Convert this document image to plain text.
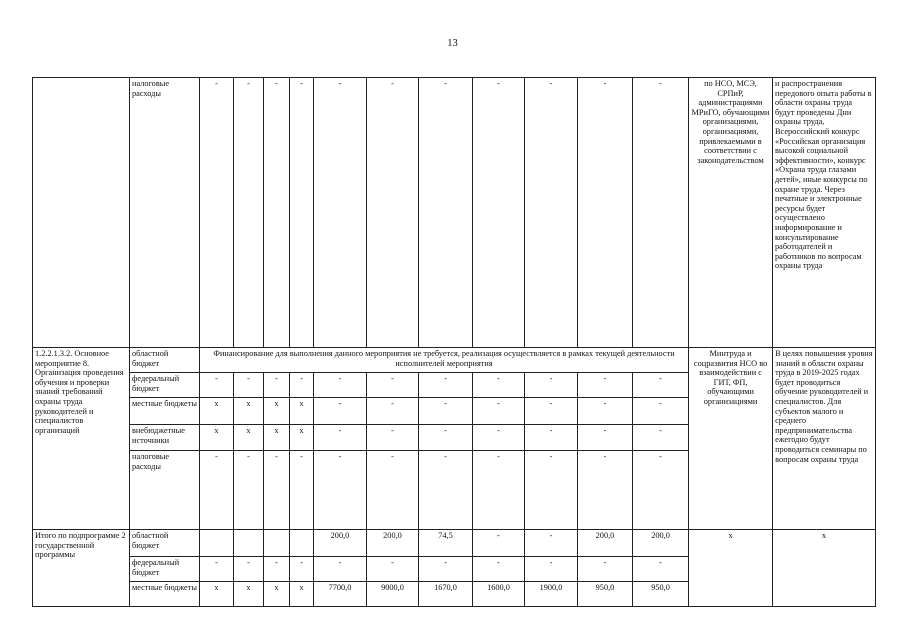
13
	налоговые расходы	-	-	-	-	-	-	-	-	-	-	-	по НСО, МСЭ, СРПиР, администрациями МРиГО, обучающими организациями, организациями, привлекаемыми в соответствии с законодательством	и распространения передового опыта работы в области охраны труда будут проведены Дни охраны труда, Всероссийский конкурс «Российская организация высокой социальной эффективности», конкурс «Охрана труда глазами детей», иные конкурсы по охране труда. Через печатные и электронные ресурсы будет осуществлено информирование и консультирование работодателей и работников по вопросам охраны труда
1.2.2.1.3.2. Основное мероприятие 8. Организация проведения обучения и проверки знаний требований охраны труда руководителей и специалистов организаций	областной бюджет	Финансирование для выполнения данного мероприятия не требуется, реализация осуществляется в рамках текущей деятельности исполнителей мероприятия											Минтруда и соцразвития НСО во взаимодействии с ГИТ, ФП, обучающими организациями	В целях повышения уровня знаний в области охраны труда в 2019-2025 годах будет проводиться обучение руководителей и специалистов. Для субъектов малого и среднего предпринимательства ежегодно будут проводиться семинары по вопросам охраны труда
	федеральный бюджет	-	-	-	-	-	-	-	-	-	-	-		
	местные бюджеты	x	x	x	x	-	-	-	-	-	-	-		
	внебюджетные источники	x	x	x	x	-	-	-	-	-	-	-		
	налоговые расходы	-	-	-	-	-	-	-	-	-	-	-		
Итого по подпрограмме 2 государственной программы	областной бюджет					200,0	200,0	74,5	-	-	200,0	200,0	x	x
	федеральный бюджет	-	-	-	-	-	-	-	-	-	-	-		
	местные бюджеты	x	x	x	x	7700,0	9000,0	1670,0	1600,0	1900,0	950,0	950,0		
